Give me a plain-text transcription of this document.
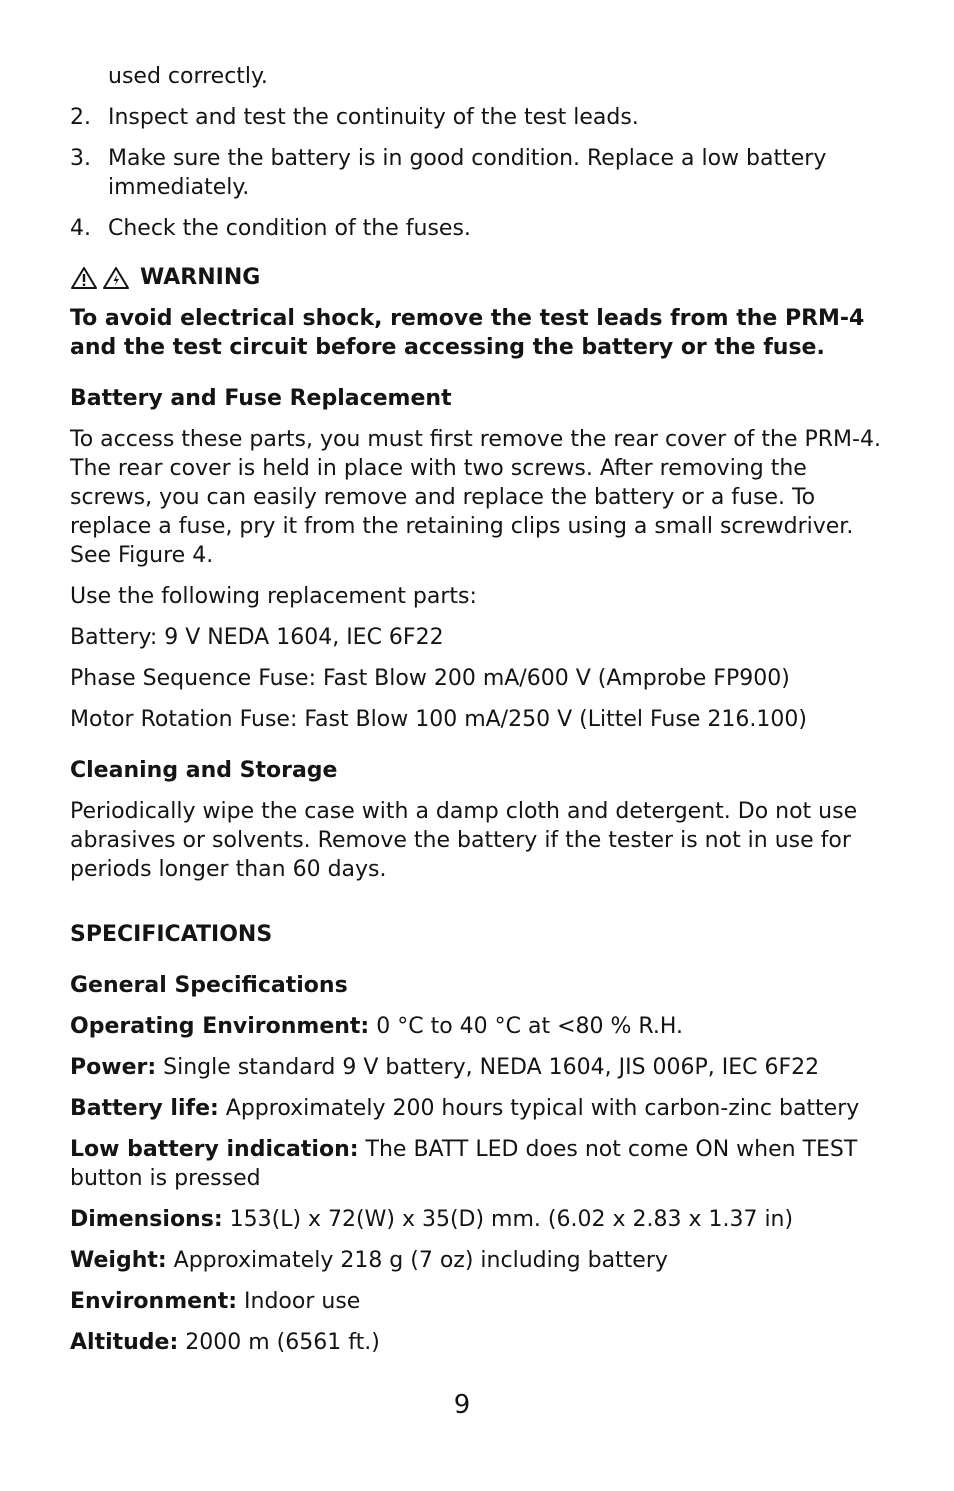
used correctly.

2. Inspect and test the continuity of the test leads.
3. Make sure the battery is in good condition. Replace a low battery immediately.
4. Check the condition of the fuses.
WARNING

To avoid electrical shock, remove the test leads from the PRM-4 and the test circuit before accessing the battery or the fuse.

Battery and Fuse Replacement

To access these parts, you must first remove the rear cover of the PRM-4. The rear cover is held in place with two screws. After removing the screws, you can easily remove and replace the battery or a fuse. To replace a fuse, pry it from the retaining clips using a small screwdriver. See Figure 4.

Use the following replacement parts:

Battery: 9 V NEDA 1604, IEC 6F22

Phase Sequence Fuse: Fast Blow 200 mA/600 V (Amprobe FP900)

Motor Rotation Fuse: Fast Blow 100 mA/250 V (Littel Fuse 216.100)

Cleaning and Storage

Periodically wipe the case with a damp cloth and detergent. Do not use abrasives or solvents. Remove the battery if the tester is not in use for periods longer than 60 days.

SPECIFICATIONS

General Specifications

Operating Environment: 0 °C to 40 °C at <80 % R.H.

Power: Single standard 9 V battery, NEDA 1604, JIS 006P, IEC 6F22

Battery life: Approximately 200 hours typical with carbon-zinc battery

Low battery indication: The BATT LED does not come ON when TEST button is pressed

Dimensions: 153(L) x 72(W) x 35(D) mm. (6.02 x 2.83 x 1.37 in)

Weight: Approximately 218 g (7 oz) including battery

Environment: Indoor use

Altitude: 2000 m (6561 ft.)

9
